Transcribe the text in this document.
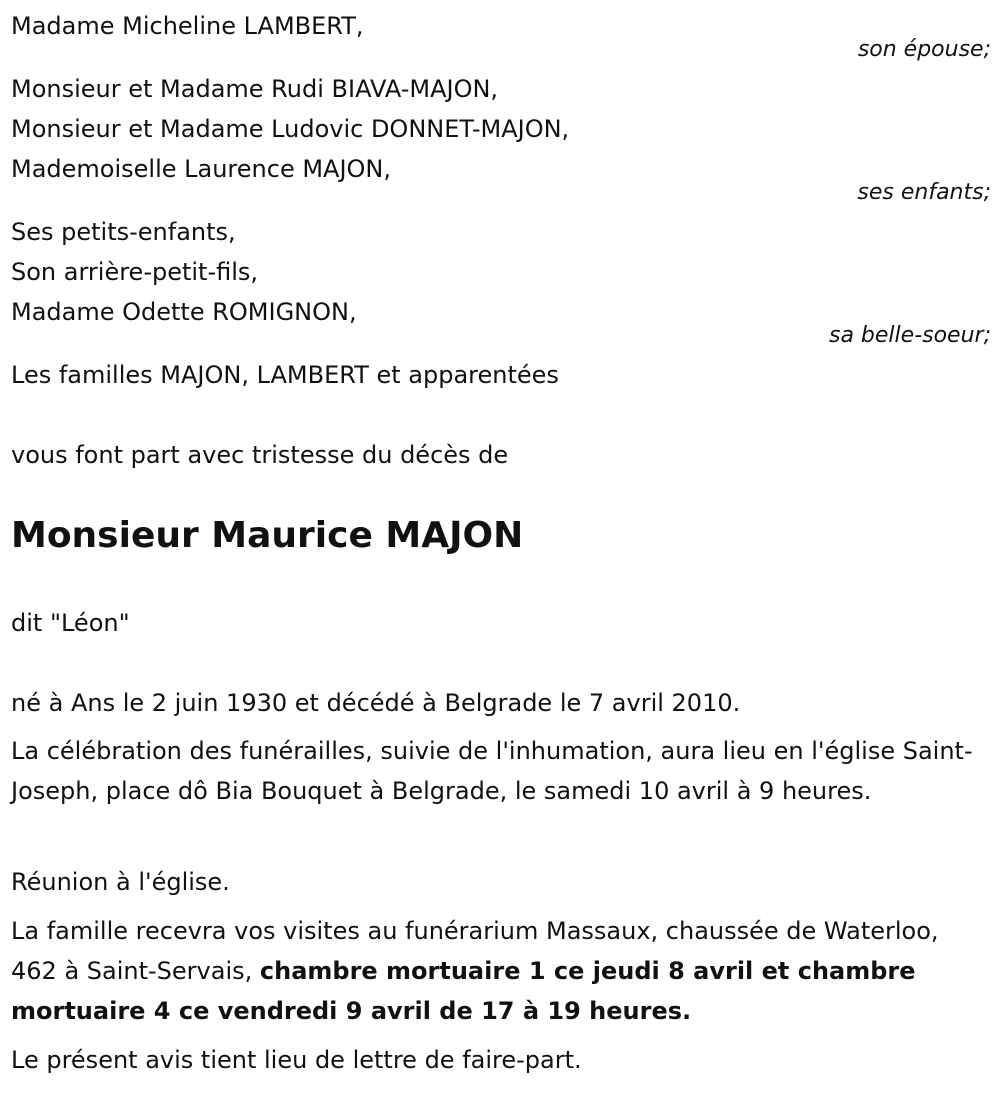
Madame Micheline LAMBERT,
son épouse;
Monsieur et Madame Rudi BIAVA-MAJON,
Monsieur et Madame Ludovic DONNET-MAJON,
Mademoiselle Laurence MAJON,
ses enfants;
Ses petits-enfants,
Son arrière-petit-fils,
Madame Odette ROMIGNON,
sa belle-soeur;
Les familles MAJON, LAMBERT et apparentées
vous font part avec tristesse du décès de
Monsieur Maurice MAJON
dit "Léon"
né à Ans le 2 juin 1930 et décédé à Belgrade le 7 avril 2010.
La célébration des funérailles, suivie de l'inhumation, aura lieu en l'église Saint-Joseph, place dô Bia Bouquet à Belgrade, le samedi 10 avril à 9 heures.
Réunion à l'église.
La famille recevra vos visites au funérarium Massaux, chaussée de Waterloo, 462 à Saint-Servais, chambre mortuaire 1 ce jeudi 8 avril et chambre mortuaire 4 ce vendredi 9 avril de 17 à 19 heures.
Le présent avis tient lieu de lettre de faire-part.
